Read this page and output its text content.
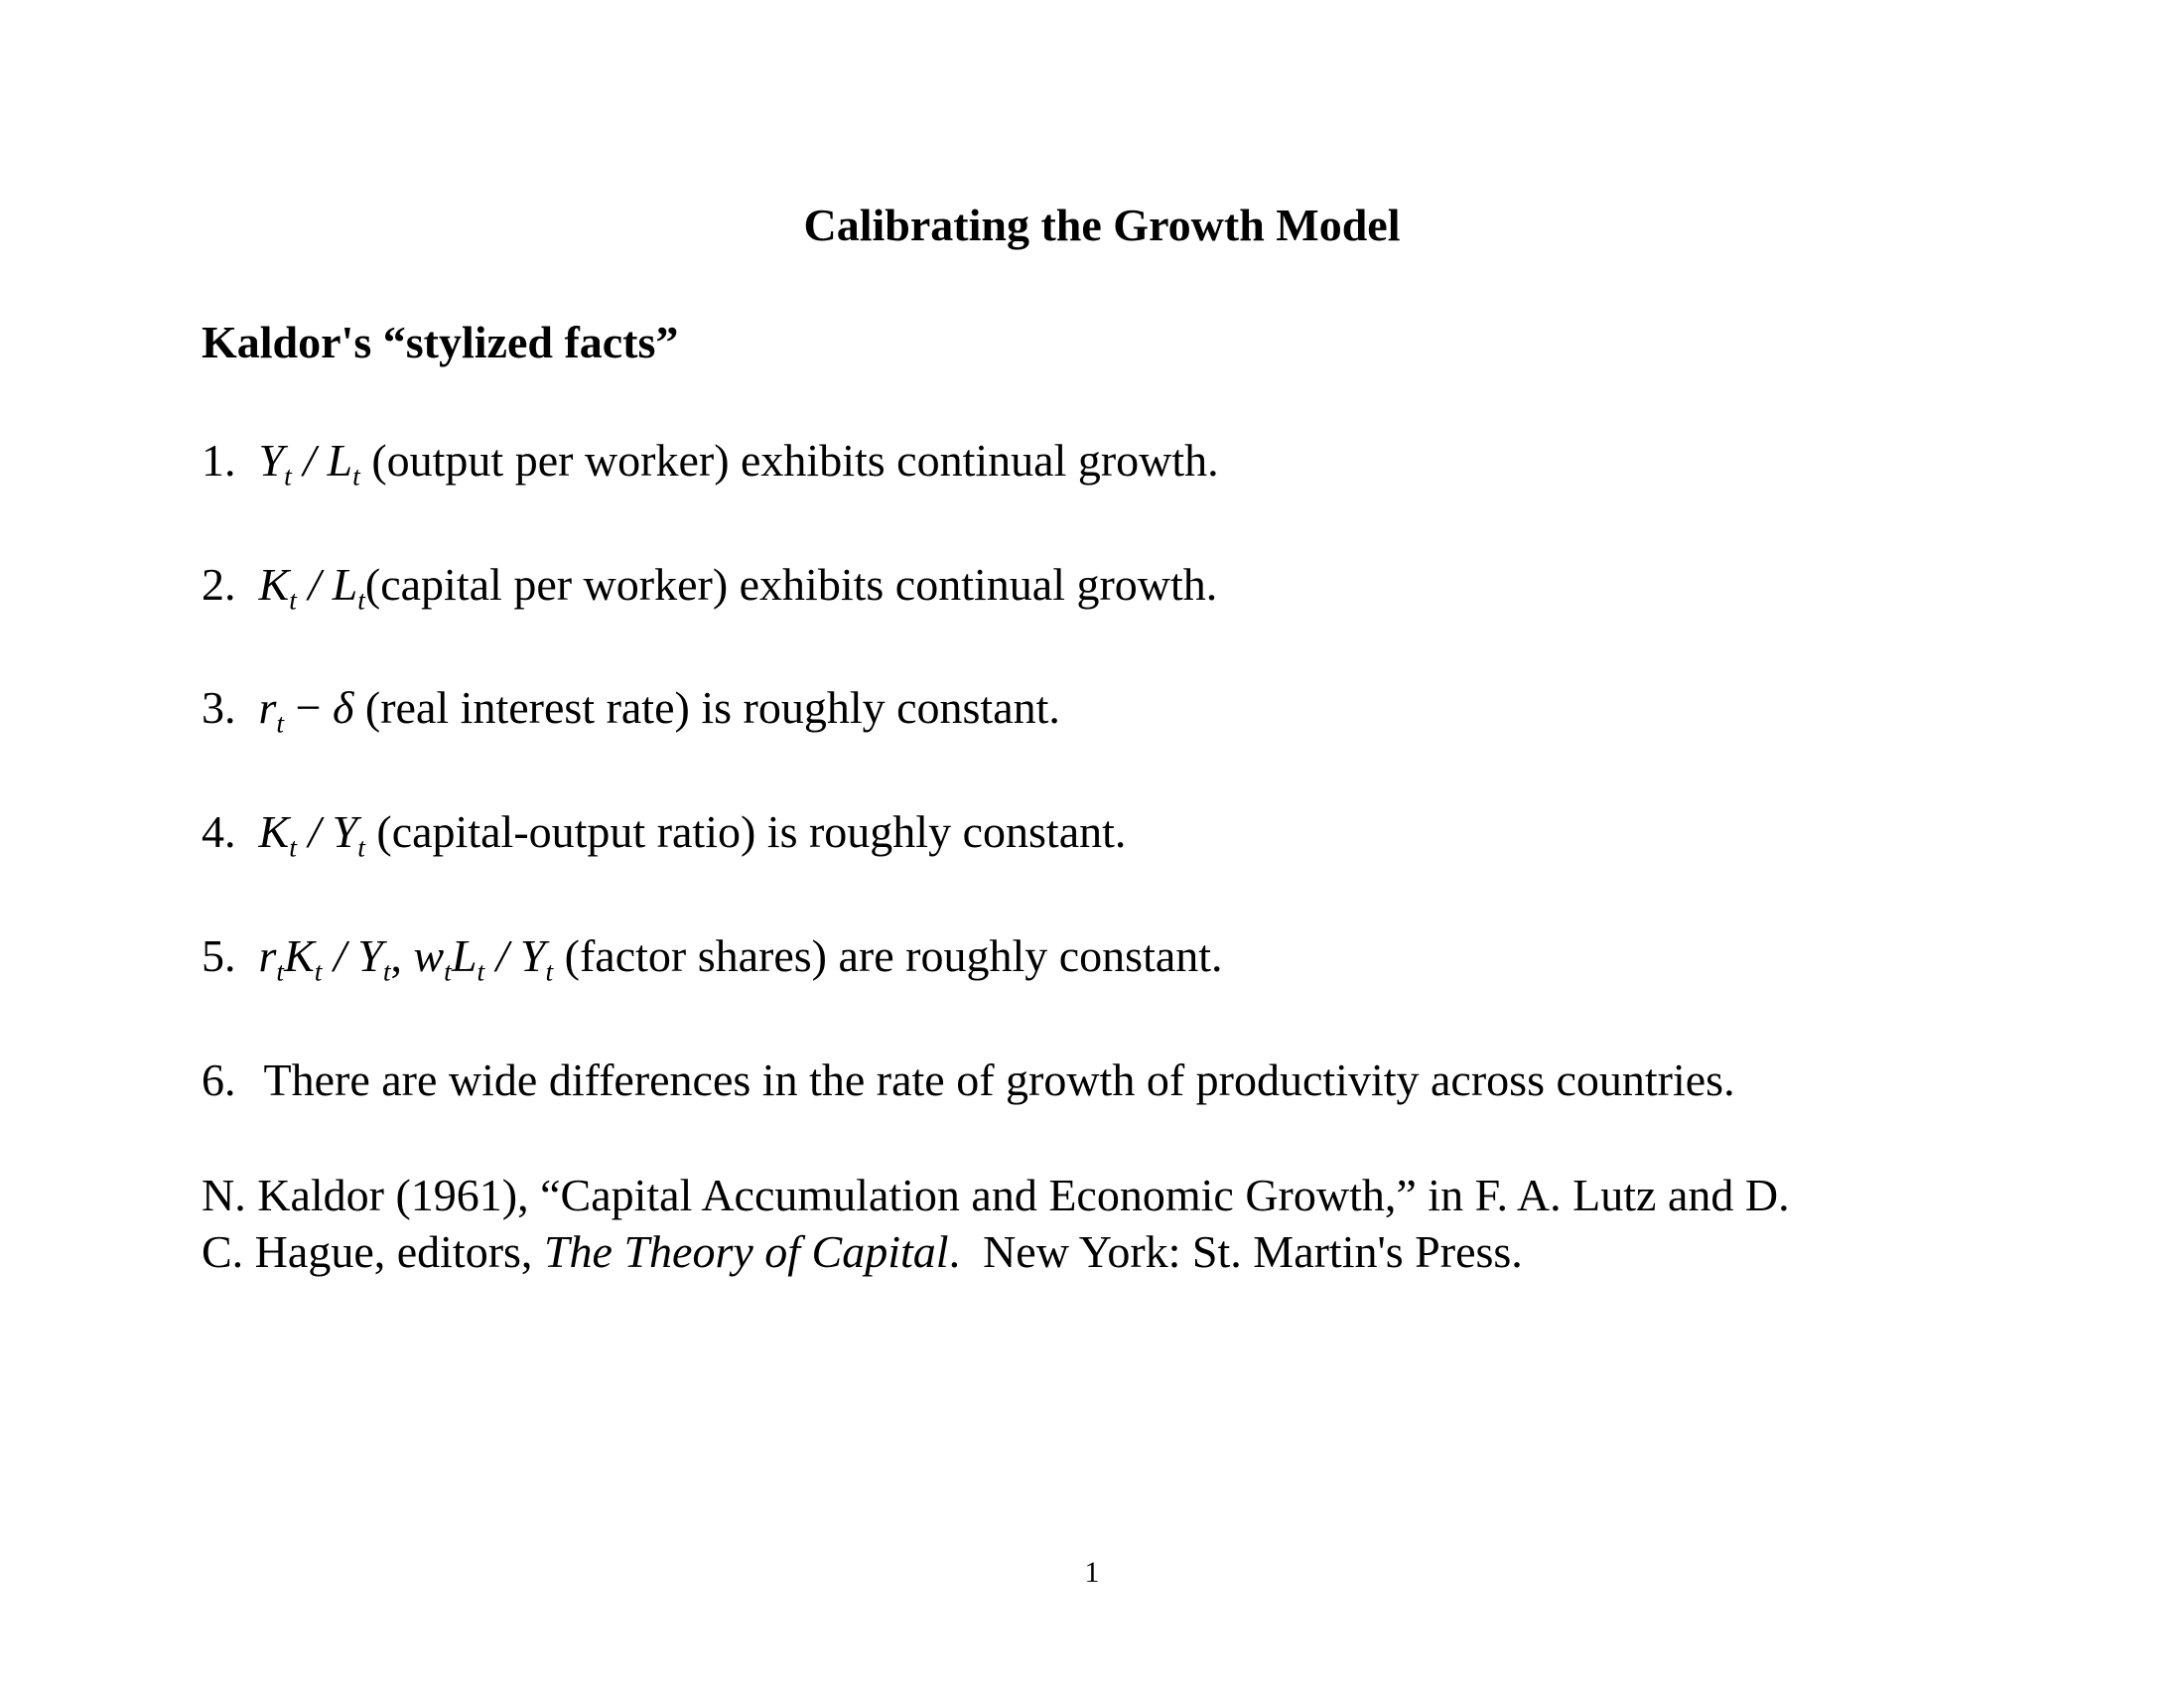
Calibrating the Growth Model
Kaldor's “stylized facts”
1.  $Y_t / L_t$ (output per worker) exhibits continual growth.
2.  $K_t$ / $L_t(capital$ per worker) exhibits continual growth.
3.  $r_t - \delta$ (real interest rate) is roughly constant.
4.  $K_t / Y_t$ (capital-output ratio) is roughly constant.
5.  $r_tK_t / Y_t$, $w_tL_t / Y_t$ (factor shares) are roughly constant.
6. There are wide differences in the rate of growth of productivity across countries.
N. Kaldor (1961), “Capital Accumulation and Economic Growth,” in F. A. Lutz and D.
C. Hague, editors, The Theory of Capital.  New York: St. Martin's Press.
1
